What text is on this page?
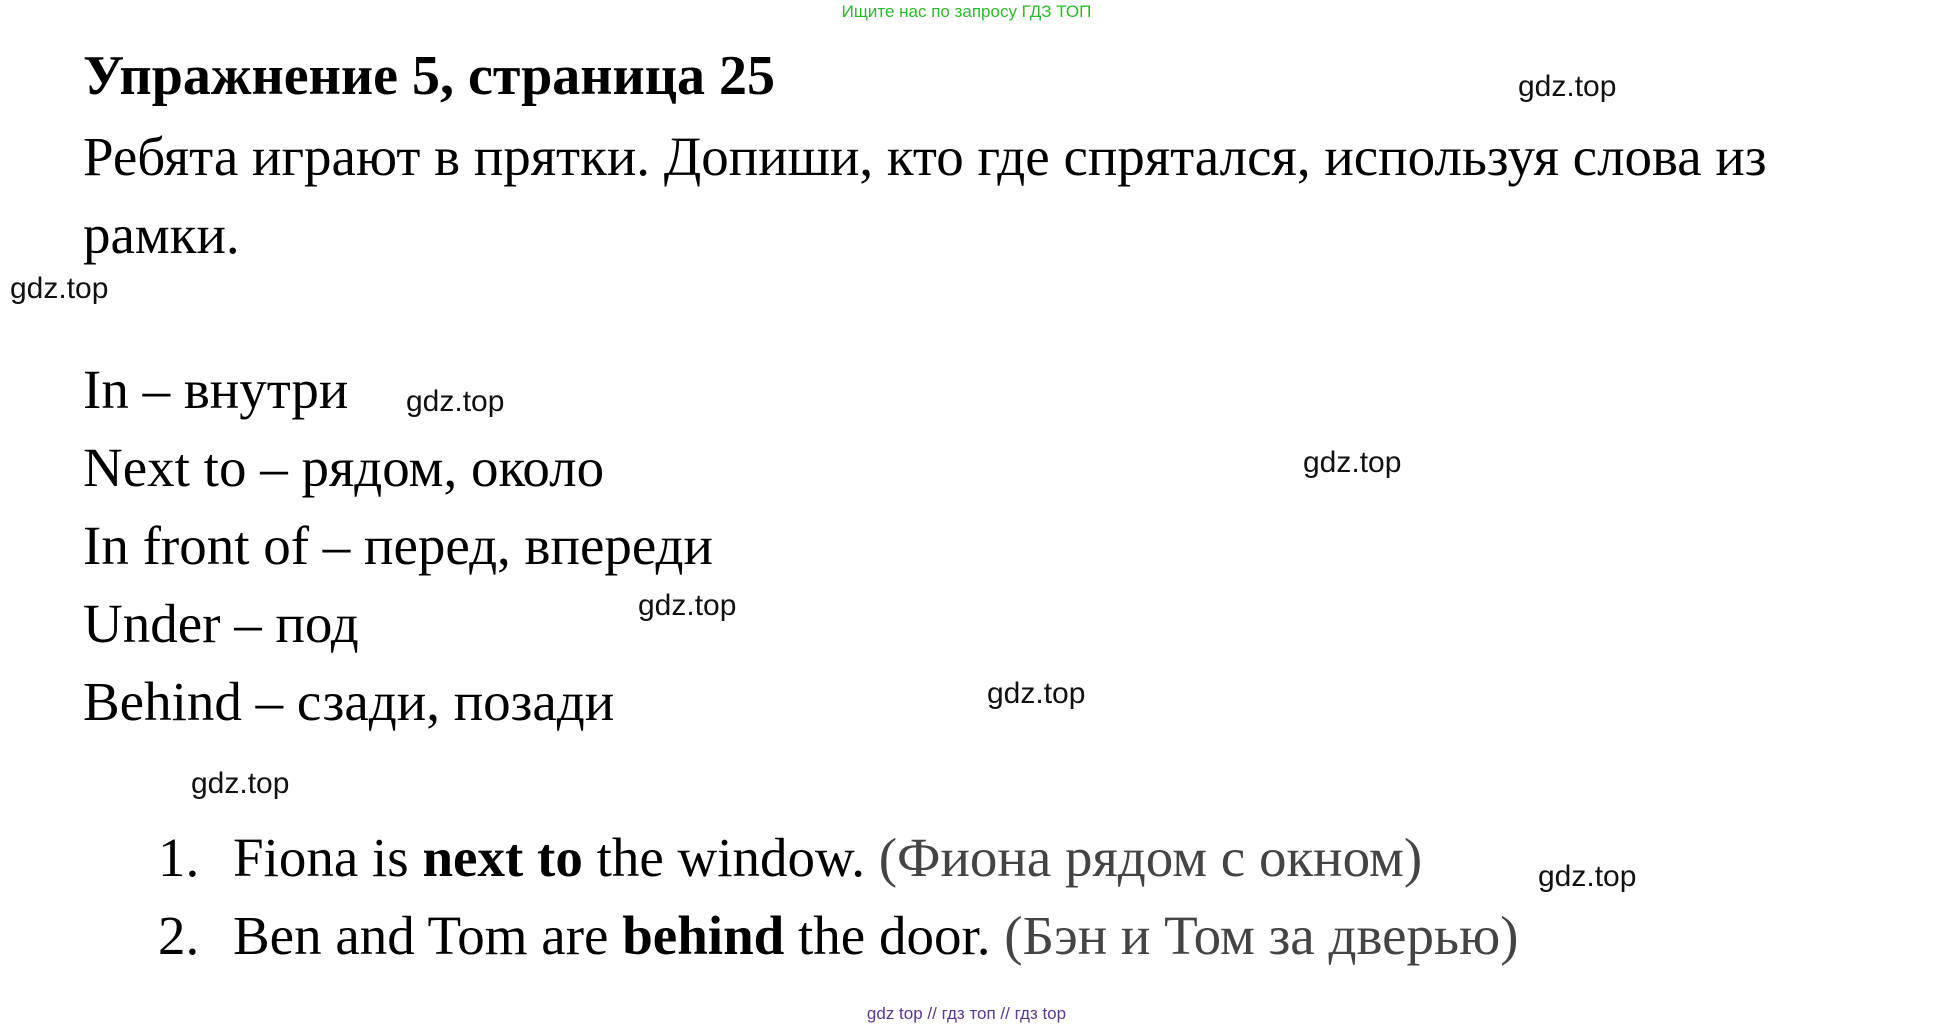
Ищите нас по запросу ГДЗ ТОП
Упражнение 5, страница 25
Ребята играют в прятки. Допиши, кто где спрятался, используя слова из рамки.
In – внутри
Next to – рядом, около
In front of – перед, впереди
Under – под
Behind – сзади, позади
1. Fiona is next to the window. (Фиона рядом с окном)
2. Ben and Tom are behind the door. (Бэн и Том за дверью)
gdz.top
gdz.top
gdz.top
gdz.top
gdz.top
gdz.top
gdz.top
gdz.top
gdz top // гдз топ // гдз top
